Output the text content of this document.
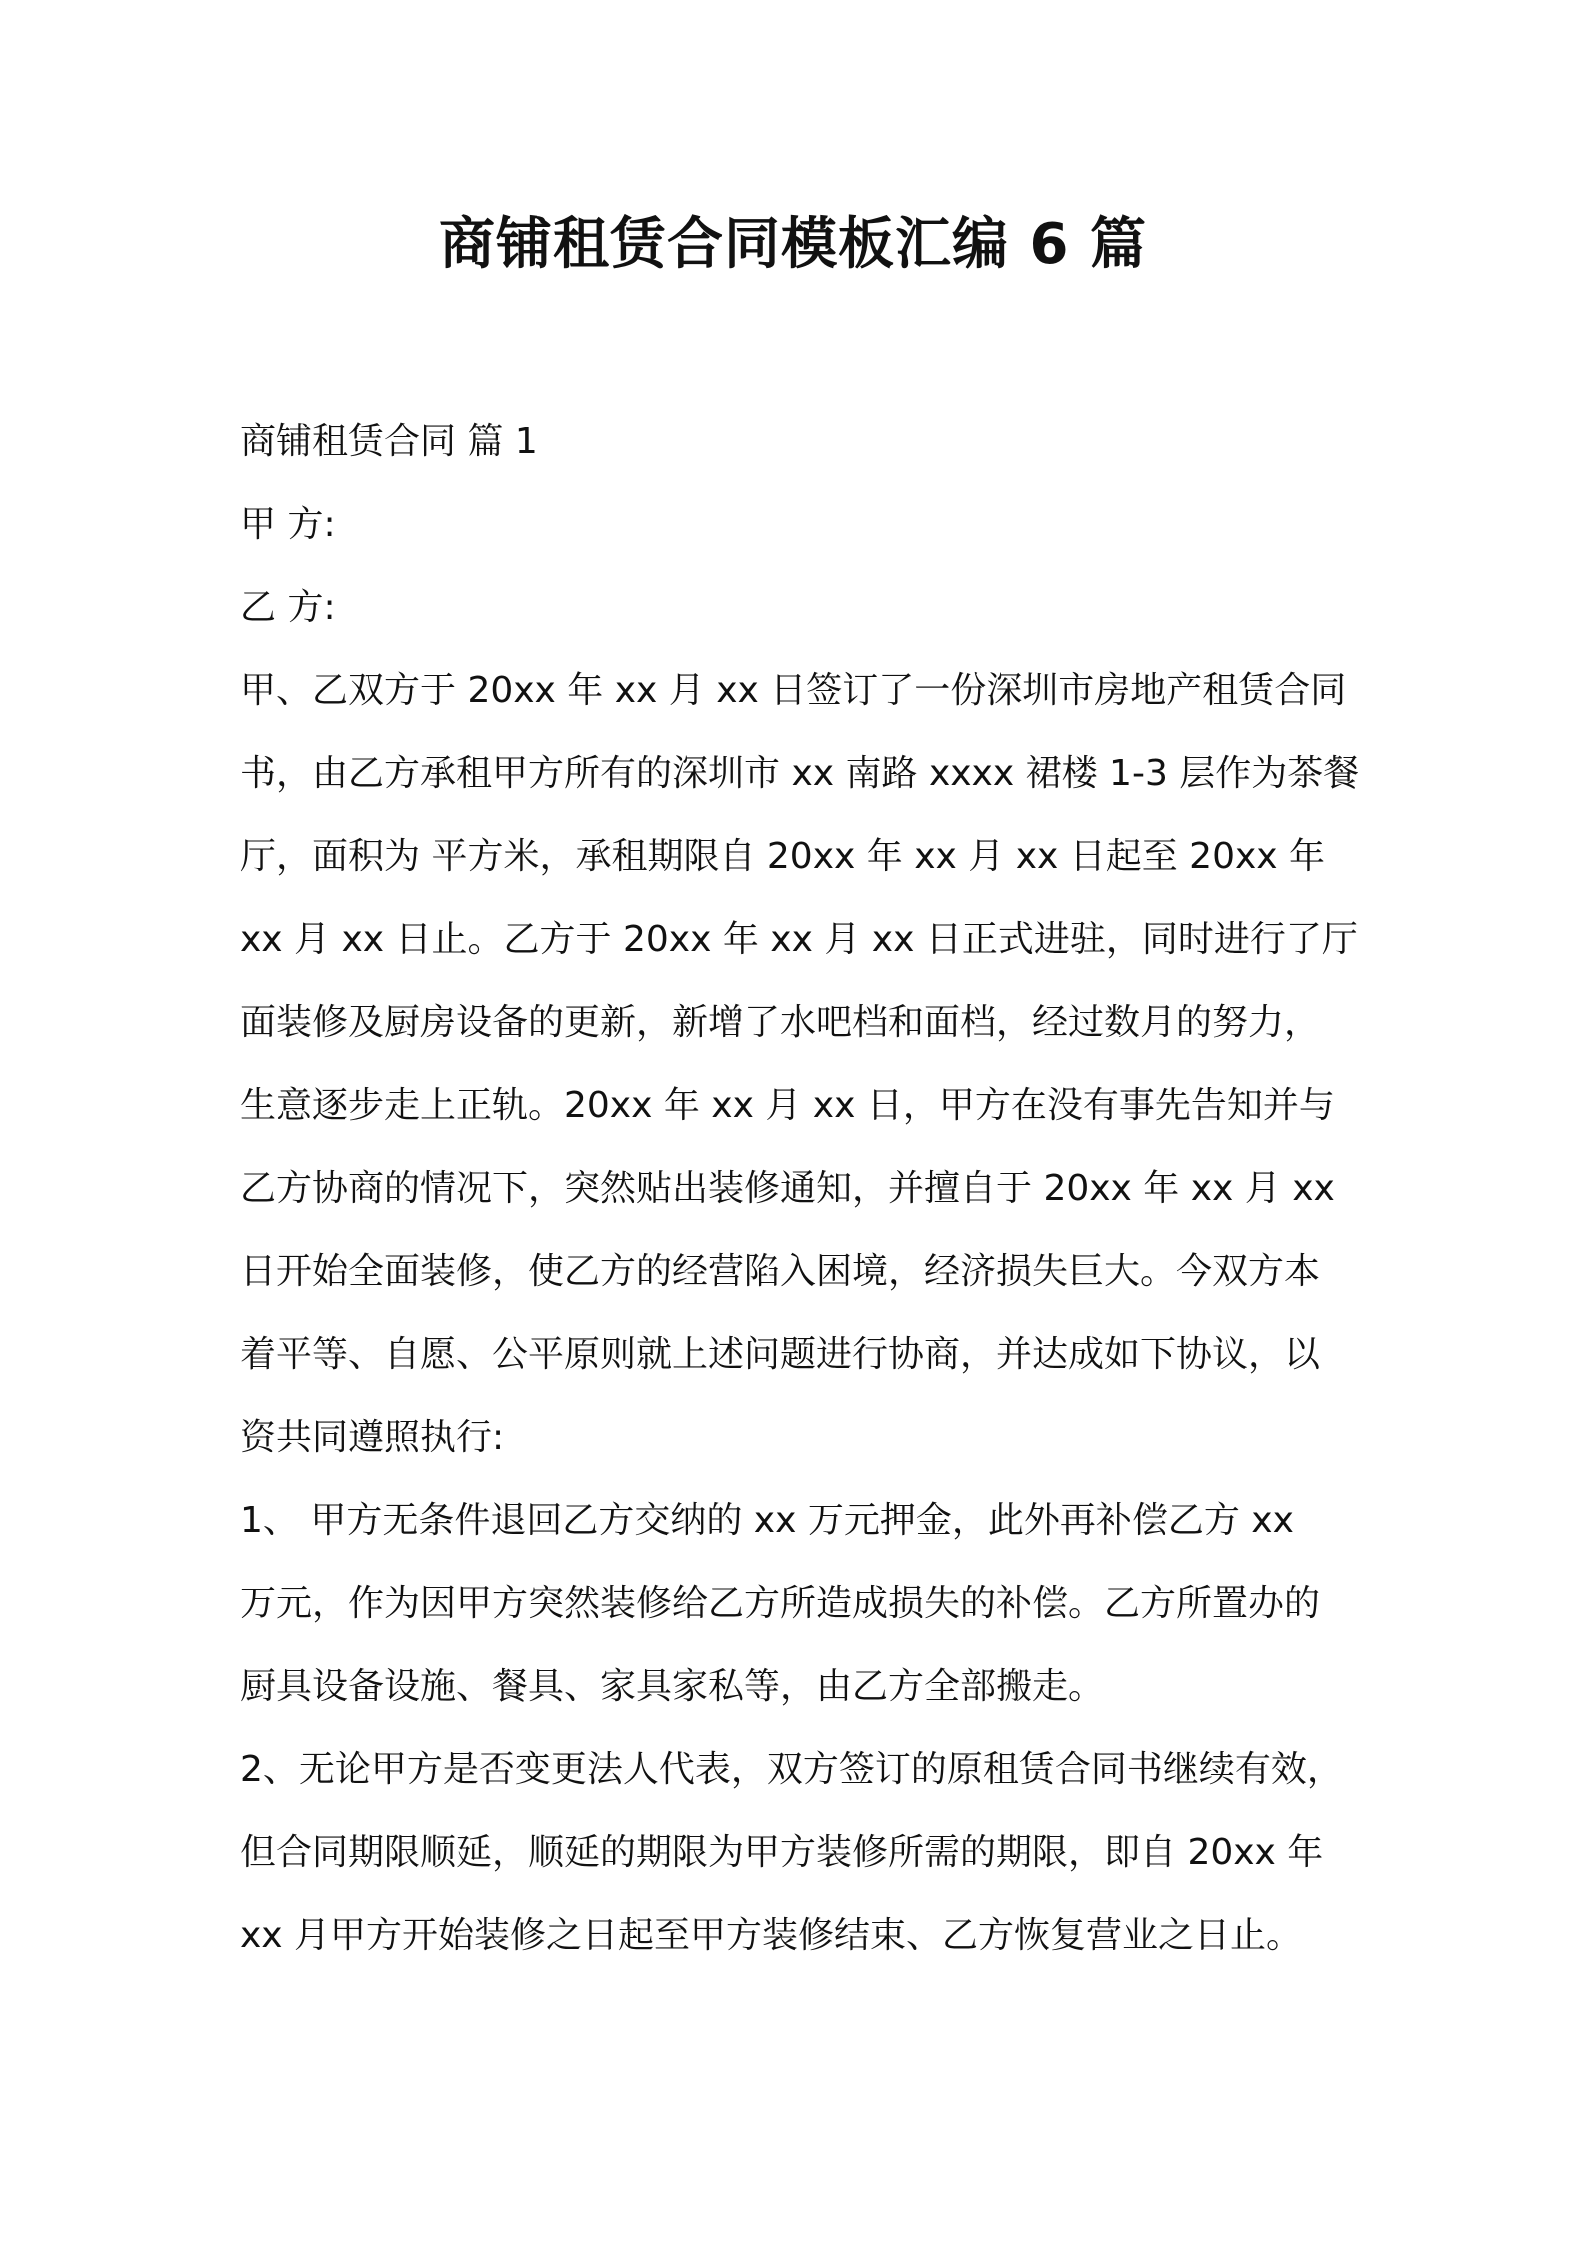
商铺租赁合同模板汇编 6 篇
商铺租赁合同 篇 1
甲 方:
乙 方:
甲、乙双方于 20xx 年 xx 月 xx 日签订了一份深圳市房地产租赁合同
书，由乙方承租甲方所有的深圳市 xx 南路 xxxx 裙楼 1-3 层作为茶餐
厅，面积为 平方米，承租期限自 20xx 年 xx 月 xx 日起至 20xx 年
xx 月 xx 日止。乙方于 20xx 年 xx 月 xx 日正式进驻，同时进行了厅
面装修及厨房设备的更新，新增了水吧档和面档，经过数月的努力，
生意逐步走上正轨。20xx 年 xx 月 xx 日，甲方在没有事先告知并与
乙方协商的情况下，突然贴出装修通知，并擅自于 20xx 年 xx 月 xx
日开始全面装修，使乙方的经营陷入困境，经济损失巨大。今双方本
着平等、自愿、公平原则就上述问题进行协商，并达成如下协议，以
资共同遵照执行:
1、 甲方无条件退回乙方交纳的 xx 万元押金，此外再补偿乙方 xx
万元，作为因甲方突然装修给乙方所造成损失的补偿。乙方所置办的
厨具设备设施、餐具、家具家私等，由乙方全部搬走。
2、无论甲方是否变更法人代表，双方签订的原租赁合同书继续有效，
但合同期限顺延，顺延的期限为甲方装修所需的期限，即自 20xx 年
xx 月甲方开始装修之日起至甲方装修结束、乙方恢复营业之日止。
